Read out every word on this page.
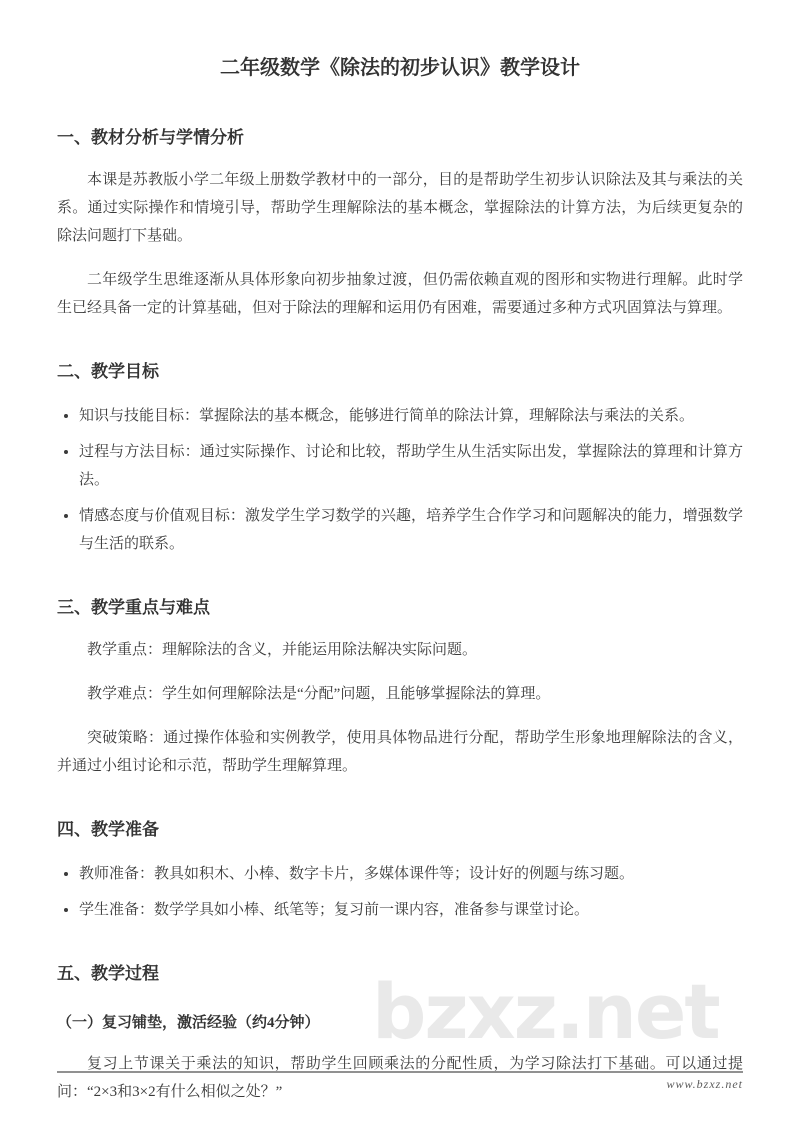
bzxz.net
二年级数学《除法的初步认识》教学设计
一、教材分析与学情分析

本课是苏教版小学二年级上册数学教材中的一部分，目的是帮助学生初步认识除法及其与乘法的关系。通过实际操作和情境引导，帮助学生理解除法的基本概念，掌握除法的计算方法，为后续更复杂的除法问题打下基础。

二年级学生思维逐渐从具体形象向初步抽象过渡，但仍需依赖直观的图形和实物进行理解。此时学生已经具备一定的计算基础，但对于除法的理解和运用仍有困难，需要通过多种方式巩固算法与算理。

二、教学目标
• 知识与技能目标：掌握除法的基本概念，能够进行简单的除法计算，理解除法与乘法的关系。
• 过程与方法目标：通过实际操作、讨论和比较，帮助学生从生活实际出发，掌握除法的算理和计算方法。
• 情感态度与价值观目标：激发学生学习数学的兴趣，培养学生合作学习和问题解决的能力，增强数学与生活的联系。
三、教学重点与难点

教学重点：理解除法的含义，并能运用除法解决实际问题。

教学难点：学生如何理解除法是“分配”问题，且能够掌握除法的算理。

突破策略：通过操作体验和实例教学，使用具体物品进行分配，帮助学生形象地理解除法的含义，并通过小组讨论和示范，帮助学生理解算理。

四、教学准备
• 教师准备：教具如积木、小棒、数字卡片，多媒体课件等；设计好的例题与练习题。
• 学生准备：数学学具如小棒、纸笔等；复习前一课内容，准备参与课堂讨论。
五、教学过程
（一）复习铺垫，激活经验（约4分钟）

复习上节课关于乘法的知识，帮助学生回顾乘法的分配性质，为学习除法打下基础。可以通过提问：“2×3和3×2有什么相似之处？”	www.bzxz.net
